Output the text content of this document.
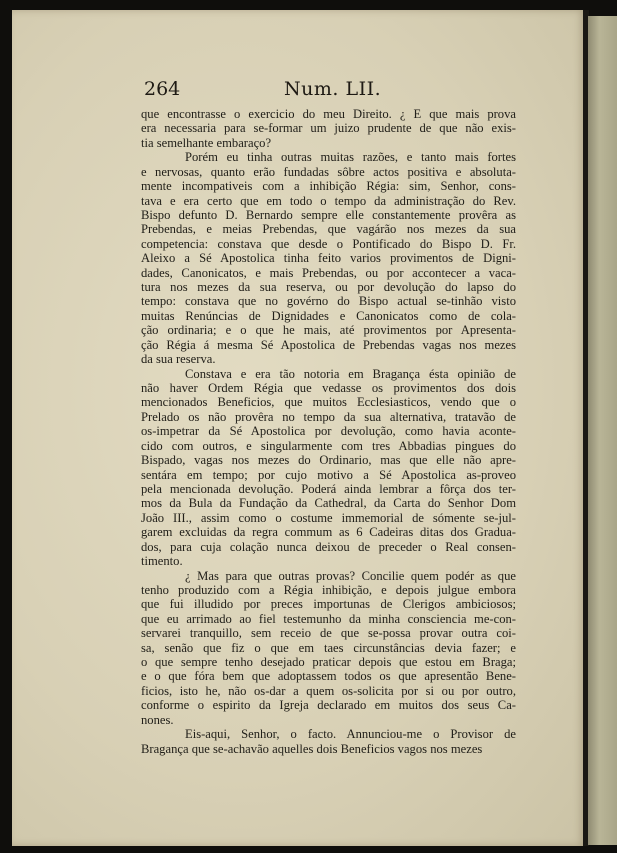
264	Num. LII.

que encontrasse o exercicio do meu Direito. ¿ E que mais prova
era necessaria para se-formar um juizo prudente de que não exis-
tia semelhante embaraço?

Porém eu tinha outras muitas razões, e tanto mais fortes
e nervosas, quanto erão fundadas sôbre actos positiva e absoluta-
mente incompativeis com a inhibição Régia: sim, Senhor, cons-
tava e era certo que em todo o tempo da administração do Rev.
Bispo defunto D. Bernardo sempre elle constantemente provêra as
Prebendas, e meias Prebendas, que vagárão nos mezes da sua
competencia: constava que desde o Pontificado do Bispo D. Fr.
Aleixo a Sé Apostolica tinha feito varios provimentos de Digni-
dades, Canonicatos, e mais Prebendas, ou por accontecer a vaca-
tura nos mezes da sua reserva, ou por devolução do lapso do
tempo: constava que no govérno do Bispo actual se-tinhão visto
muitas Renúncias de Dignidades e Canonicatos como de cola-
ção ordinaria; e o que he mais, até provimentos por Apresenta-
ção Régia á mesma Sé Apostolica de Prebendas vagas nos mezes
da sua reserva.

Constava e era tão notoria em Bragança ésta opinião de
não haver Ordem Régia que vedasse os provimentos dos dois
mencionados Beneficios, que muitos Ecclesiasticos, vendo que o
Prelado os não provêra no tempo da sua alternativa, tratavão de
os-impetrar da Sé Apostolica por devolução, como havia aconte-
cido com outros, e singularmente com tres Abbadias pingues do
Bispado, vagas nos mezes do Ordinario, mas que elle não apre-
sentára em tempo; por cujo motivo a Sé Apostolica as-proveo
pela mencionada devolução. Poderá ainda lembrar a fôrça dos ter-
mos da Bula da Fundação da Cathedral, da Carta do Senhor Dom
João III., assim como o costume immemorial de sómente se-jul-
garem excluidas da regra commum as 6 Cadeiras ditas dos Gradua-
dos, para cuja colação nunca deixou de preceder o Real consen-
timento.

¿ Mas para que outras provas? Concilie quem podér as que
tenho produzido com a Régia inhibição, e depois julgue embora
que fui illudido por preces importunas de Clerigos ambiciosos;
que eu arrimado ao fiel testemunho da minha consciencia me-con-
servarei tranquillo, sem receio de que se-possa provar outra coi-
sa, senão que fiz o que em taes circunstâncias devia fazer; e
o que sempre tenho desejado praticar depois que estou em Braga;
e o que fóra bem que adoptassem todos os que apresentão Bene-
ficios, isto he, não os-dar a quem os-solicita por si ou por outro,
conforme o espirito da Igreja declarado em muitos dos seus Ca-
nones.

Eis-aqui, Senhor, o facto. Annunciou-me o Provisor de
Bragança que se-achavão aquelles dois Beneficios vagos nos mezes
